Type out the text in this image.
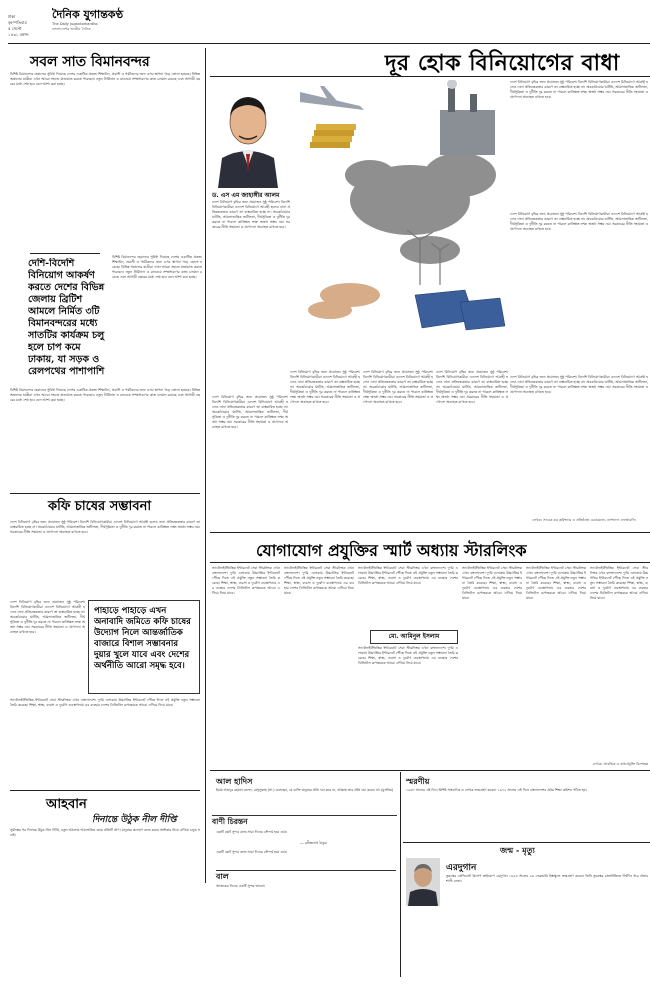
ঢাকা
বৃহস্পতিবার
৫ সেপ্টে
১৪৩১ বঙ্গাব্দ
দৈনিক যুগান্তকণ্ঠ
The Daily Jugantorkantho
বাংলাদেশের জাতীয় দৈনিক
সবল সাত বিমানবন্দর
বিশিষ্ট বিমানবন্দর হেরাফের সুবিধা দিয়েছে দেশের একাধিক প্রকল্প। শিক্ষাবিদ, প্রবাসী ও পর্যটকদের জন্য এসব স্থাপনা গড়ে তোলা হয়েছে। বিভিন্ন অঞ্চলের যাত্রীরা এখন আরো সহজে যাতায়াত করতে পারছেন। নতুন টার্মিনাল ও রানওয়ে সম্প্রসারণের কাজ চলমান রয়েছে এবং আগামী বছরের মধ্যে শেষ হবে বলে আশা করা হচ্ছে।
দেশি-বিদেশি বিনিয়োগ আকর্ষণ করতে দেশের বিভিন্ন জেলায় ব্রিটিশ আমলে নির্মিত ৩টি বিমানবন্দরের মধ্যে সাতটির কার্যক্রম চলু হলে চাপ কমে ঢাকায়, যা সড়ক ও রেলপথের পাশাপাশি
বিশিষ্ট বিমানবন্দর হেরাফের সুবিধা দিয়েছে দেশের একাধিক প্রকল্প। শিক্ষাবিদ, প্রবাসী ও পর্যটকদের জন্য এসব স্থাপনা গড়ে তোলা হয়েছে। বিভিন্ন অঞ্চলের যাত্রীরা এখন আরো সহজে যাতায়াত করতে পারছেন। নতুন টার্মিনাল ও রানওয়ে সম্প্রসারণের কাজ চলমান রয়েছে এবং আগামী বছরের মধ্যে শেষ হবে বলে আশা করা হচ্ছে।
বিশিষ্ট বিমানবন্দর হেরাফের সুবিধা দিয়েছে দেশের একাধিক প্রকল্প। শিক্ষাবিদ, প্রবাসী ও পর্যটকদের জন্য এসব স্থাপনা গড়ে তোলা হয়েছে। বিভিন্ন অঞ্চলের যাত্রীরা এখন আরো সহজে যাতায়াত করতে পারছেন। নতুন টার্মিনাল ও রানওয়ে সম্প্রসারণের কাজ চলমান রয়েছে এবং আগামী বছরের মধ্যে শেষ হবে বলে আশা করা হচ্ছে।
কফি চাষের সম্ভাবনা
দেশে বিনিয়োগ বৃদ্ধির জন্য প্রয়োজন সুষ্ঠু পরিবেশ। বিদেশি বিনিয়োগকারীরা এদেশে বিনিয়োগে আগ্রহী হলেও নানা প্রতিবন্ধকতার কারণে তা বাস্তবায়িত হচ্ছে না। অবকাঠামোর ঘাটতি, আমলাতান্ত্রিক জটিলতা, দীর্ঘসূত্রিতা ও দুর্নীতি দূর করতে না পারলে কাঙ্ক্ষিত লক্ষ্য অর্জন সম্ভব নয়। সরকারের নীতি সহায়তা ও প্রণোদনা অব্যাহত রাখতে হবে।
দেশে বিনিয়োগ বৃদ্ধির জন্য প্রয়োজন সুষ্ঠু পরিবেশ। বিদেশি বিনিয়োগকারীরা এদেশে বিনিয়োগে আগ্রহী হলেও নানা প্রতিবন্ধকতার কারণে তা বাস্তবায়িত হচ্ছে না। অবকাঠামোর ঘাটতি, আমলাতান্ত্রিক জটিলতা, দীর্ঘসূত্রিতা ও দুর্নীতি দূর করতে না পারলে কাঙ্ক্ষিত লক্ষ্য অর্জন সম্ভব নয়। সরকারের নীতি সহায়তা ও প্রণোদনা অব্যাহত রাখতে হবে।
পাহাড়ে পাহাড়ে এখন অনাবাদি জমিতে কফি চাষের উদ্যোগ নিলে আন্তর্জাতিক বাজারে বিশাল সম্ভাবনার দুয়ার খুলে যাবে এবং দেশের অর্থনীতি আরো সমৃদ্ধ হবে।
স্যাটেলাইটভিত্তিক ইন্টারনেট সেবা স্টারলিংক এখন বাংলাদেশে। দুর্গম এলাকায় উচ্চগতির ইন্টারনেট পৌঁছে দিতে এই প্রযুক্তি নতুন সম্ভাবনা তৈরি করেছে। শিক্ষা, স্বাস্থ্য, ব্যবসা ও দুর্যোগ ব্যবস্থাপনায় এর ব্যবহার দেশের ডিজিটাল রূপান্তরকে আরো এগিয়ে নিয়ে যাবে।
আহবান
দিনান্তে উঠুক নীল দীপ্তি
সূর্যাস্তের পর দিনান্তে উঠুক নীল দীপ্তি, নতুন আলোয় আলোকিত হোক প্রতিটি প্রাণ। মানুষের কল্যাণে কাজ করার অঙ্গীকার নিয়ে এগিয়ে চলুক সবাই।
দূর হোক বিনিয়োগের বাধা
ড. এস এম জাহাঙ্গীর আলম
দেশে বিনিয়োগ বৃদ্ধির জন্য প্রয়োজন সুষ্ঠু পরিবেশ। বিদেশি বিনিয়োগকারীরা এদেশে বিনিয়োগে আগ্রহী হলেও নানা প্রতিবন্ধকতার কারণে তা বাস্তবায়িত হচ্ছে না। অবকাঠামোর ঘাটতি, আমলাতান্ত্রিক জটিলতা, দীর্ঘসূত্রিতা ও দুর্নীতি দূর করতে না পারলে কাঙ্ক্ষিত লক্ষ্য অর্জন সম্ভব নয়। সরকারের নীতি সহায়তা ও প্রণোদনা অব্যাহত রাখতে হবে।
দেশে বিনিয়োগ বৃদ্ধির জন্য প্রয়োজন সুষ্ঠু পরিবেশ। বিদেশি বিনিয়োগকারীরা এদেশে বিনিয়োগে আগ্রহী হলেও নানা প্রতিবন্ধকতার কারণে তা বাস্তবায়িত হচ্ছে না। অবকাঠামোর ঘাটতি, আমলাতান্ত্রিক জটিলতা, দীর্ঘসূত্রিতা ও দুর্নীতি দূর করতে না পারলে কাঙ্ক্ষিত লক্ষ্য অর্জন সম্ভব নয়। সরকারের নীতি সহায়তা ও প্রণোদনা অব্যাহত রাখতে হবে।
দেশে বিনিয়োগ বৃদ্ধির জন্য প্রয়োজন সুষ্ঠু পরিবেশ। বিদেশি বিনিয়োগকারীরা এদেশে বিনিয়োগে আগ্রহী হলেও নানা প্রতিবন্ধকতার কারণে তা বাস্তবায়িত হচ্ছে না। অবকাঠামোর ঘাটতি, আমলাতান্ত্রিক জটিলতা, দীর্ঘসূত্রিতা ও দুর্নীতি দূর করতে না পারলে কাঙ্ক্ষিত লক্ষ্য অর্জন সম্ভব নয়। সরকারের নীতি সহায়তা ও প্রণোদনা অব্যাহত রাখতে হবে।
দেশে বিনিয়োগ বৃদ্ধির জন্য প্রয়োজন সুষ্ঠু পরিবেশ। বিদেশি বিনিয়োগকারীরা এদেশে বিনিয়োগে আগ্রহী হলেও নানা প্রতিবন্ধকতার কারণে তা বাস্তবায়িত হচ্ছে না। অবকাঠামোর ঘাটতি, আমলাতান্ত্রিক জটিলতা, দীর্ঘসূত্রিতা ও দুর্নীতি দূর করতে না পারলে কাঙ্ক্ষিত লক্ষ্য অর্জন সম্ভব নয়। সরকারের নীতি সহায়তা ও প্রণোদনা অব্যাহত রাখতে হবে।
দেশে বিনিয়োগ বৃদ্ধির জন্য প্রয়োজন সুষ্ঠু পরিবেশ। বিদেশি বিনিয়োগকারীরা এদেশে বিনিয়োগে আগ্রহী হলেও নানা প্রতিবন্ধকতার কারণে তা বাস্তবায়িত হচ্ছে না। অবকাঠামোর ঘাটতি, আমলাতান্ত্রিক জটিলতা, দীর্ঘসূত্রিতা ও দুর্নীতি দূর করতে না পারলে কাঙ্ক্ষিত লক্ষ্য অর্জন সম্ভব নয়। সরকারের নীতি সহায়তা ও প্রণোদনা অব্যাহত রাখতে হবে।
দেশে বিনিয়োগ বৃদ্ধির জন্য প্রয়োজন সুষ্ঠু পরিবেশ। বিদেশি বিনিয়োগকারীরা এদেশে বিনিয়োগে আগ্রহী হলেও নানা প্রতিবন্ধকতার কারণে তা বাস্তবায়িত হচ্ছে না। অবকাঠামোর ঘাটতি, আমলাতান্ত্রিক জটিলতা, দীর্ঘসূত্রিতা ও দুর্নীতি দূর করতে না পারলে কাঙ্ক্ষিত লক্ষ্য অর্জন সম্ভব নয়। সরকারের নীতি সহায়তা ও প্রণোদনা অব্যাহত রাখতে হবে।
দেশে বিনিয়োগ বৃদ্ধির জন্য প্রয়োজন সুষ্ঠু পরিবেশ। বিদেশি বিনিয়োগকারীরা এদেশে বিনিয়োগে আগ্রহী হলেও নানা প্রতিবন্ধকতার কারণে তা বাস্তবায়িত হচ্ছে না। অবকাঠামোর ঘাটতি, আমলাতান্ত্রিক জটিলতা, দীর্ঘসূত্রিতা ও দুর্নীতি দূর করতে না পারলে কাঙ্ক্ষিত লক্ষ্য অর্জন সম্ভব নয়। সরকারের নীতি সহায়তা ও প্রণোদনা অব্যাহত রাখতে হবে।
দেশে বিনিয়োগ বৃদ্ধির জন্য প্রয়োজন সুষ্ঠু পরিবেশ। বিদেশি বিনিয়োগকারীরা এদেশে বিনিয়োগে আগ্রহী হলেও নানা প্রতিবন্ধকতার কারণে তা বাস্তবায়িত হচ্ছে না। অবকাঠামোর ঘাটতি, আমলাতান্ত্রিক জটিলতা, দীর্ঘসূত্রিতা ও দুর্নীতি দূর করতে না পারলে কাঙ্ক্ষিত লক্ষ্য অর্জন সম্ভব নয়। সরকারের নীতি সহায়তা ও প্রণোদনা অব্যাহত রাখতে হবে।
লেখক: সাবেক কর কমিশনার ও প্রতিষ্ঠাতা চেয়ারম্যান, ন্যাশনাল এফআরসি।
যোগাযোগ প্রযুক্তির স্মার্ট অধ্যায় স্টারলিংক
স্যাটেলাইটভিত্তিক ইন্টারনেট সেবা স্টারলিংক এখন বাংলাদেশে। দুর্গম এলাকায় উচ্চগতির ইন্টারনেট পৌঁছে দিতে এই প্রযুক্তি নতুন সম্ভাবনা তৈরি করেছে। শিক্ষা, স্বাস্থ্য, ব্যবসা ও দুর্যোগ ব্যবস্থাপনায় এর ব্যবহার দেশের ডিজিটাল রূপান্তরকে আরো এগিয়ে নিয়ে যাবে।
স্যাটেলাইটভিত্তিক ইন্টারনেট সেবা স্টারলিংক এখন বাংলাদেশে। দুর্গম এলাকায় উচ্চগতির ইন্টারনেট পৌঁছে দিতে এই প্রযুক্তি নতুন সম্ভাবনা তৈরি করেছে। শিক্ষা, স্বাস্থ্য, ব্যবসা ও দুর্যোগ ব্যবস্থাপনায় এর ব্যবহার দেশের ডিজিটাল রূপান্তরকে আরো এগিয়ে নিয়ে যাবে।
স্যাটেলাইটভিত্তিক ইন্টারনেট সেবা স্টারলিংক এখন বাংলাদেশে। দুর্গম এলাকায় উচ্চগতির ইন্টারনেট পৌঁছে দিতে এই প্রযুক্তি নতুন সম্ভাবনা তৈরি করেছে। শিক্ষা, স্বাস্থ্য, ব্যবসা ও দুর্যোগ ব্যবস্থাপনায় এর ব্যবহার দেশের ডিজিটাল রূপান্তরকে আরো এগিয়ে নিয়ে যাবে।
মো. আমিনুল ইসলাম
স্যাটেলাইটভিত্তিক ইন্টারনেট সেবা স্টারলিংক এখন বাংলাদেশে। দুর্গম এলাকায় উচ্চগতির ইন্টারনেট পৌঁছে দিতে এই প্রযুক্তি নতুন সম্ভাবনা তৈরি করেছে। শিক্ষা, স্বাস্থ্য, ব্যবসা ও দুর্যোগ ব্যবস্থাপনায় এর ব্যবহার দেশের ডিজিটাল রূপান্তরকে আরো এগিয়ে নিয়ে যাবে।
স্যাটেলাইটভিত্তিক ইন্টারনেট সেবা স্টারলিংক এখন বাংলাদেশে। দুর্গম এলাকায় উচ্চগতির ইন্টারনেট পৌঁছে দিতে এই প্রযুক্তি নতুন সম্ভাবনা তৈরি করেছে। শিক্ষা, স্বাস্থ্য, ব্যবসা ও দুর্যোগ ব্যবস্থাপনায় এর ব্যবহার দেশের ডিজিটাল রূপান্তরকে আরো এগিয়ে নিয়ে যাবে।
স্যাটেলাইটভিত্তিক ইন্টারনেট সেবা স্টারলিংক এখন বাংলাদেশে। দুর্গম এলাকায় উচ্চগতির ইন্টারনেট পৌঁছে দিতে এই প্রযুক্তি নতুন সম্ভাবনা তৈরি করেছে। শিক্ষা, স্বাস্থ্য, ব্যবসা ও দুর্যোগ ব্যবস্থাপনায় এর ব্যবহার দেশের ডিজিটাল রূপান্তরকে আরো এগিয়ে নিয়ে যাবে।
স্যাটেলাইটভিত্তিক ইন্টারনেট সেবা স্টারলিংক এখন বাংলাদেশে। দুর্গম এলাকায় উচ্চগতির ইন্টারনেট পৌঁছে দিতে এই প্রযুক্তি নতুন সম্ভাবনা তৈরি করেছে। শিক্ষা, স্বাস্থ্য, ব্যবসা ও দুর্যোগ ব্যবস্থাপনায় এর ব্যবহার দেশের ডিজিটাল রূপান্তরকে আরো এগিয়ে নিয়ে যাবে।
লেখক: প্রাবন্ধিক ও তথ্যপ্রযুক্তি বিশেষজ্ঞ
আল হাদিস
ইমাম আবদুর রহমান বলেন, রাসুলুল্লাহ (সা.) বলেছেন, যে ব্যক্তি মানুষের প্রতি দয়া করে না, আল্লাহ তার প্রতি দয়া করেন না। (মুসলিম)
বাণী চিরন্তন
একটি ছোট সুন্দর কাজ সারা দিনের সৌন্দর্য হয়ে ওঠে।
— রবীন্দ্রনাথ ঠাকুর
একটি ছোট সুন্দর কাজ সারা দিনের সৌন্দর্য হয়ে ওঠে।
বাল
আজকের দিনের একটি সুন্দর ভাবনা।
স্মরণীয়
১৯৩০ সালের এই দিনে বিশিষ্ট সাংবাদিক ও লেখক জন্মগ্রহণ করেন। ১৯৭২ সালের এই দিনে বাংলাদেশের প্রথম শিক্ষা কমিশন গঠিত হয়।
জন্ম - মৃত্যু
এরদুগান
তুরস্কের প্রেসিডেন্ট রিসেপ তাইয়্যেপ এরদুগান ১৯৫৪ সালের ২৬ ফেব্রুয়ারি ইস্তাম্বুলে জন্মগ্রহণ করেন। তিনি তুরস্কের রাজনীতিতে দীর্ঘদিন ধরে প্রভাবশালী নেতা।
